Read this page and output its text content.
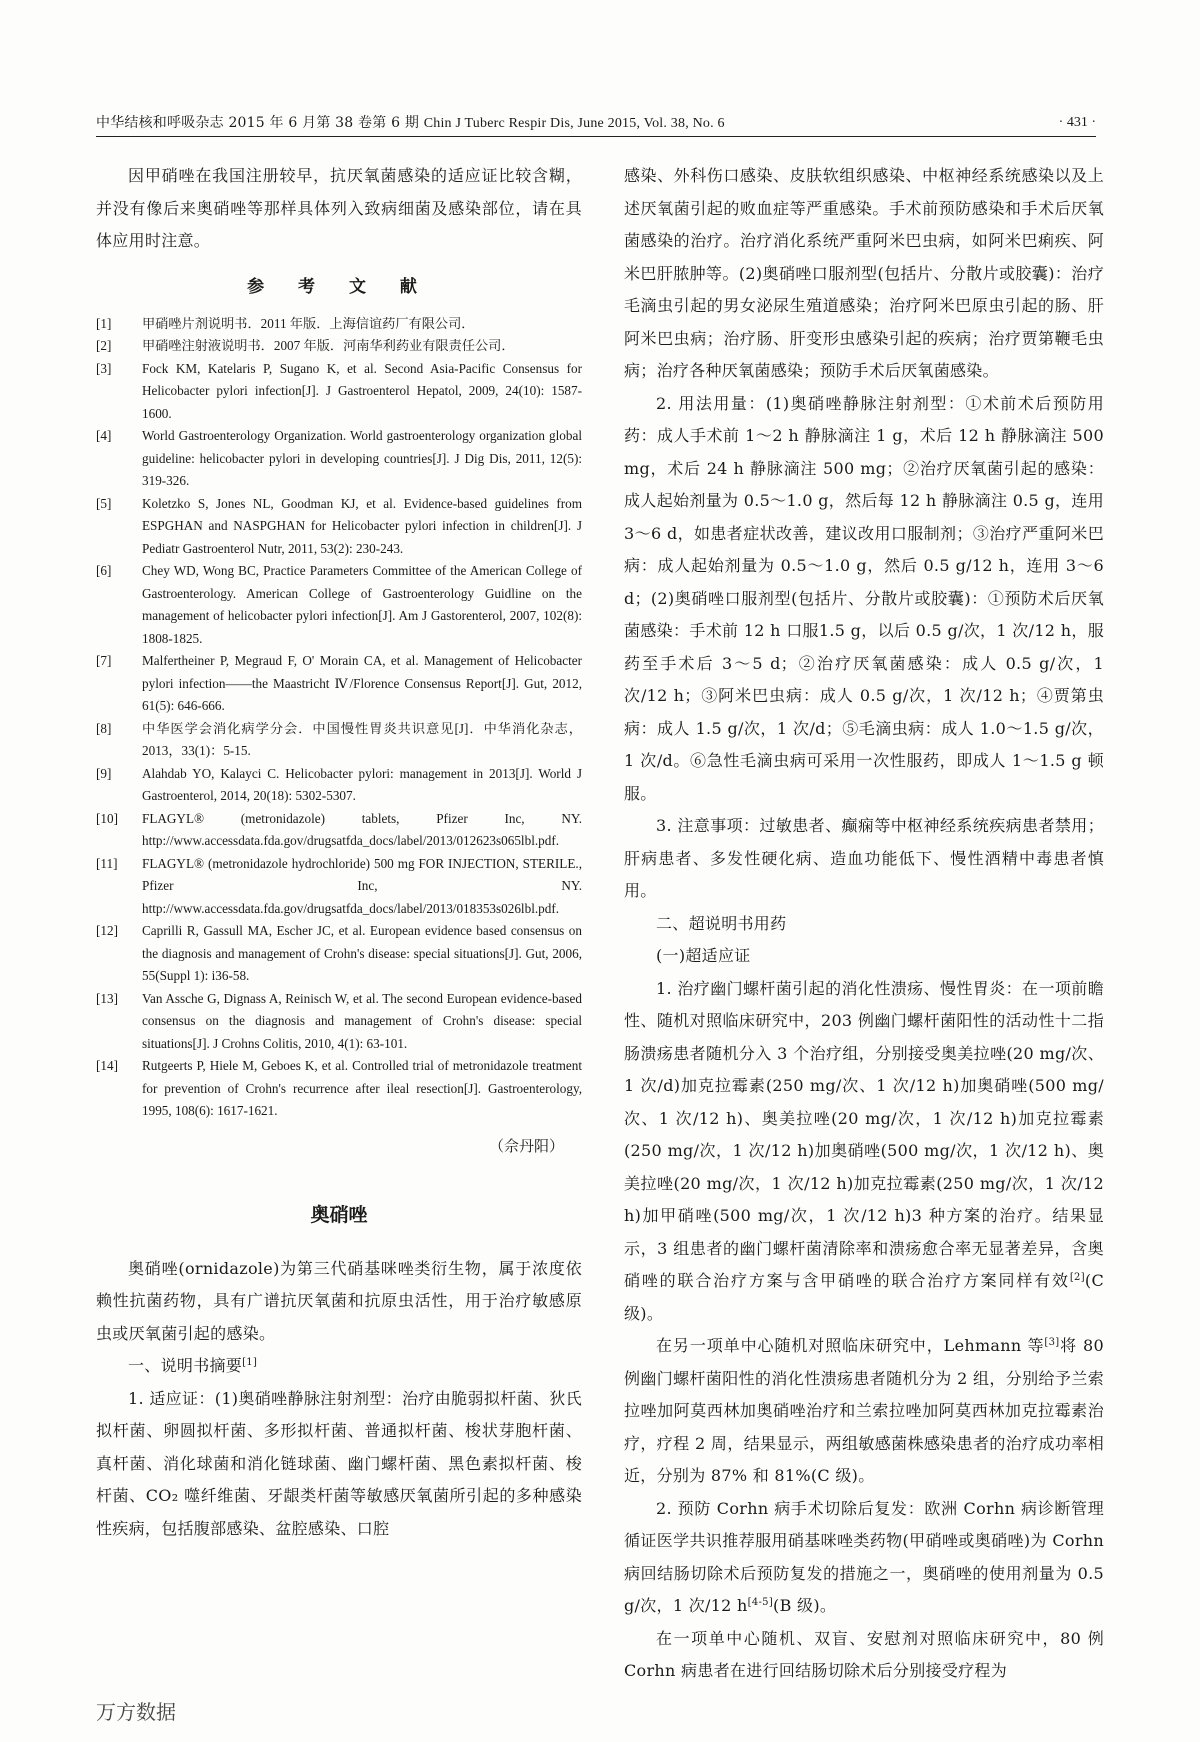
中华结核和呼吸杂志 2015 年 6 月第 38 卷第 6 期 Chin J Tuberc Respir Dis, June 2015, Vol. 38, No. 6	· 431 ·

因甲硝唑在我国注册较早，抗厌氧菌感染的适应证比较含糊，并没有像后来奥硝唑等那样具体列入致病细菌及感染部位，请在具体应用时注意。

参 考 文 献
[1]	甲硝唑片剂说明书．2011 年版．上海信谊药厂有限公司．
[2]	甲硝唑注射液说明书．2007 年版．河南华利药业有限责任公司．
[3]	Fock KM, Katelaris P, Sugano K, et al. Second Asia-Pacific Consensus for Helicobacter pylori infection[J]. J Gastroenterol Hepatol, 2009, 24(10): 1587-1600.
[4]	World Gastroenterology Organization. World gastroenterology organization global guideline: helicobacter pylori in developing countries[J]. J Dig Dis, 2011, 12(5): 319-326.
[5]	Koletzko S, Jones NL, Goodman KJ, et al. Evidence-based guidelines from ESPGHAN and NASPGHAN for Helicobacter pylori infection in children[J]. J Pediatr Gastroenterol Nutr, 2011, 53(2): 230-243.
[6]	Chey WD, Wong BC, Practice Parameters Committee of the American College of Gastroenterology. American College of Gastroenterology Guidline on the management of helicobacter pylori infection[J]. Am J Gastorenterol, 2007, 102(8): 1808-1825.
[7]	Malfertheiner P, Megraud F, O' Morain CA, et al. Management of Helicobacter pylori infection——the Maastricht Ⅳ/Florence Consensus Report[J]. Gut, 2012, 61(5): 646-666.
[8]	中华医学会消化病学分会．中国慢性胃炎共识意见[J]．中华消化杂志，2013，33(1)：5-15.
[9]	Alahdab YO, Kalayci C. Helicobacter pylori: management in 2013[J]. World J Gastroenterol, 2014, 20(18): 5302-5307.
[10]	FLAGYL® (metronidazole) tablets, Pfizer Inc, NY. http://www.accessdata.fda.gov/drugsatfda_docs/label/2013/012623s065lbl.pdf.
[11]	FLAGYL® (metronidazole hydrochloride) 500 mg FOR INJECTION, STERILE., Pfizer Inc, NY. http://www.accessdata.fda.gov/drugsatfda_docs/label/2013/018353s026lbl.pdf.
[12]	Caprilli R, Gassull MA, Escher JC, et al. European evidence based consensus on the diagnosis and management of Crohn's disease: special situations[J]. Gut, 2006, 55(Suppl 1): i36-58.
[13]	Van Assche G, Dignass A, Reinisch W, et al. The second European evidence-based consensus on the diagnosis and management of Crohn's disease: special situations[J]. J Crohns Colitis, 2010, 4(1): 63-101.
[14]	Rutgeerts P, Hiele M, Geboes K, et al. Controlled trial of metronidazole treatment for prevention of Crohn's recurrence after ileal resection[J]. Gastroenterology, 1995, 108(6): 1617-1621.
（佘丹阳）
奥硝唑

奥硝唑(ornidazole)为第三代硝基咪唑类衍生物，属于浓度依赖性抗菌药物，具有广谱抗厌氧菌和抗原虫活性，用于治疗敏感原虫或厌氧菌引起的感染。

一、说明书摘要[1]

1. 适应证：(1)奥硝唑静脉注射剂型：治疗由脆弱拟杆菌、狄氏拟杆菌、卵圆拟杆菌、多形拟杆菌、普通拟杆菌、梭状芽胞杆菌、真杆菌、消化球菌和消化链球菌、幽门螺杆菌、黑色素拟杆菌、梭杆菌、CO₂ 噬纤维菌、牙龈类杆菌等敏感厌氧菌所引起的多种感染性疾病，包括腹部感染、盆腔感染、口腔

感染、外科伤口感染、皮肤软组织感染、中枢神经系统感染以及上述厌氧菌引起的败血症等严重感染。手术前预防感染和手术后厌氧菌感染的治疗。治疗消化系统严重阿米巴虫病，如阿米巴痢疾、阿米巴肝脓肿等。(2)奥硝唑口服剂型(包括片、分散片或胶囊)：治疗毛滴虫引起的男女泌尿生殖道感染；治疗阿米巴原虫引起的肠、肝阿米巴虫病；治疗肠、肝变形虫感染引起的疾病；治疗贾第鞭毛虫病；治疗各种厌氧菌感染；预防手术后厌氧菌感染。

2. 用法用量：(1)奥硝唑静脉注射剂型：①术前术后预防用药：成人手术前 1～2 h 静脉滴注 1 g，术后 12 h 静脉滴注 500 mg，术后 24 h 静脉滴注 500 mg；②治疗厌氧菌引起的感染：成人起始剂量为 0.5～1.0 g，然后每 12 h 静脉滴注 0.5 g，连用 3～6 d，如患者症状改善，建议改用口服制剂；③治疗严重阿米巴病：成人起始剂量为 0.5～1.0 g，然后 0.5 g/12 h，连用 3～6 d；(2)奥硝唑口服剂型(包括片、分散片或胶囊)：①预防术后厌氧菌感染：手术前 12 h 口服1.5 g，以后 0.5 g/次，1 次/12 h，服药至手术后 3～5 d；②治疗厌氧菌感染：成人 0.5 g/次，1 次/12 h；③阿米巴虫病：成人 0.5 g/次，1 次/12 h；④贾第虫病：成人 1.5 g/次，1 次/d；⑤毛滴虫病：成人 1.0～1.5 g/次，1 次/d。⑥急性毛滴虫病可采用一次性服药，即成人 1～1.5 g 顿服。

3. 注意事项：过敏患者、癫痫等中枢神经系统疾病患者禁用；肝病患者、多发性硬化病、造血功能低下、慢性酒精中毒患者慎用。

二、超说明书用药

(一)超适应证

1. 治疗幽门螺杆菌引起的消化性溃疡、慢性胃炎：在一项前瞻性、随机对照临床研究中，203 例幽门螺杆菌阳性的活动性十二指肠溃疡患者随机分入 3 个治疗组，分别接受奥美拉唑(20 mg/次、1 次/d)加克拉霉素(250 mg/次、1 次/12 h)加奥硝唑(500 mg/次、1 次/12 h)、奥美拉唑(20 mg/次，1 次/12 h)加克拉霉素(250 mg/次，1 次/12 h)加奥硝唑(500 mg/次，1 次/12 h)、奥美拉唑(20 mg/次，1 次/12 h)加克拉霉素(250 mg/次，1 次/12 h)加甲硝唑(500 mg/次，1 次/12 h)3 种方案的治疗。结果显示，3 组患者的幽门螺杆菌清除率和溃疡愈合率无显著差异，含奥硝唑的联合治疗方案与含甲硝唑的联合治疗方案同样有效[2](C 级)。

在另一项单中心随机对照临床研究中，Lehmann 等[3]将 80 例幽门螺杆菌阳性的消化性溃疡患者随机分为 2 组，分别给予兰索拉唑加阿莫西林加奥硝唑治疗和兰索拉唑加阿莫西林加克拉霉素治疗，疗程 2 周，结果显示，两组敏感菌株感染患者的治疗成功率相近，分别为 87% 和 81%(C 级)。

2. 预防 Corhn 病手术切除后复发：欧洲 Corhn 病诊断管理循证医学共识推荐服用硝基咪唑类药物(甲硝唑或奥硝唑)为 Corhn 病回结肠切除术后预防复发的措施之一，奥硝唑的使用剂量为 0.5 g/次，1 次/12 h[4-5](B 级)。

在一项单中心随机、双盲、安慰剂对照临床研究中，80 例 Corhn 病患者在进行回结肠切除术后分别接受疗程为

万方数据
